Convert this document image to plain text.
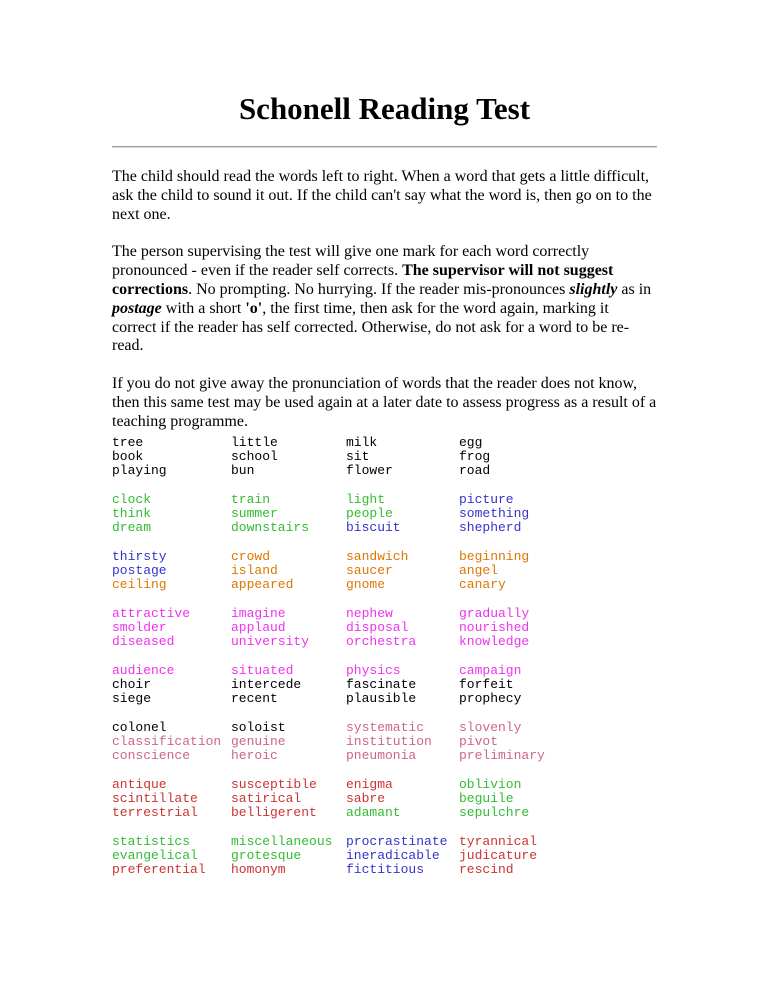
Schonell Reading Test

The child should read the words left to right. When a word that gets a little difficult, ask the child to sound it out. If the child can't say what the word is, then go on to the next one.

The person supervising the test will give one mark for each word correctly pronounced - even if the reader self corrects. The supervisor will not suggest corrections. No prompting. No hurrying. If the reader mis-pronounces slightly as in postage with a short 'o', the first time, then ask for the word again, marking it correct if the reader has self corrected. Otherwise, do not ask for a word to be re-read.

If you do not give away the pronunciation of words that the reader does not know, then this same test may be used again at a later date to assess progress as a result of a teaching programme.

tree
book
playing
little
school
bun
milk
sit
flower
egg
frog
road
clock
think
dream
train
summer
downstairs
light
people
biscuit
picture
something
shepherd
thirsty
postage
ceiling
crowd
island
appeared
sandwich
saucer
gnome
beginning
angel
canary
attractive
smolder
diseased
imagine
applaud
university
nephew
disposal
orchestra
gradually
nourished
knowledge
audience
choir
siege
situated
intercede
recent
physics
fascinate
plausible
campaign
forfeit
prophecy
colonel
classification
conscience
soloist
genuine
heroic
systematic
institution
pneumonia
slovenly
pivot
preliminary
antique
scintillate
terrestrial
susceptible
satirical
belligerent
enigma
sabre
adamant
oblivion
beguile
sepulchre
statistics
evangelical
preferential
miscellaneous
grotesque
homonym
procrastinate
ineradicable
fictitious
tyrannical
judicature
rescind
